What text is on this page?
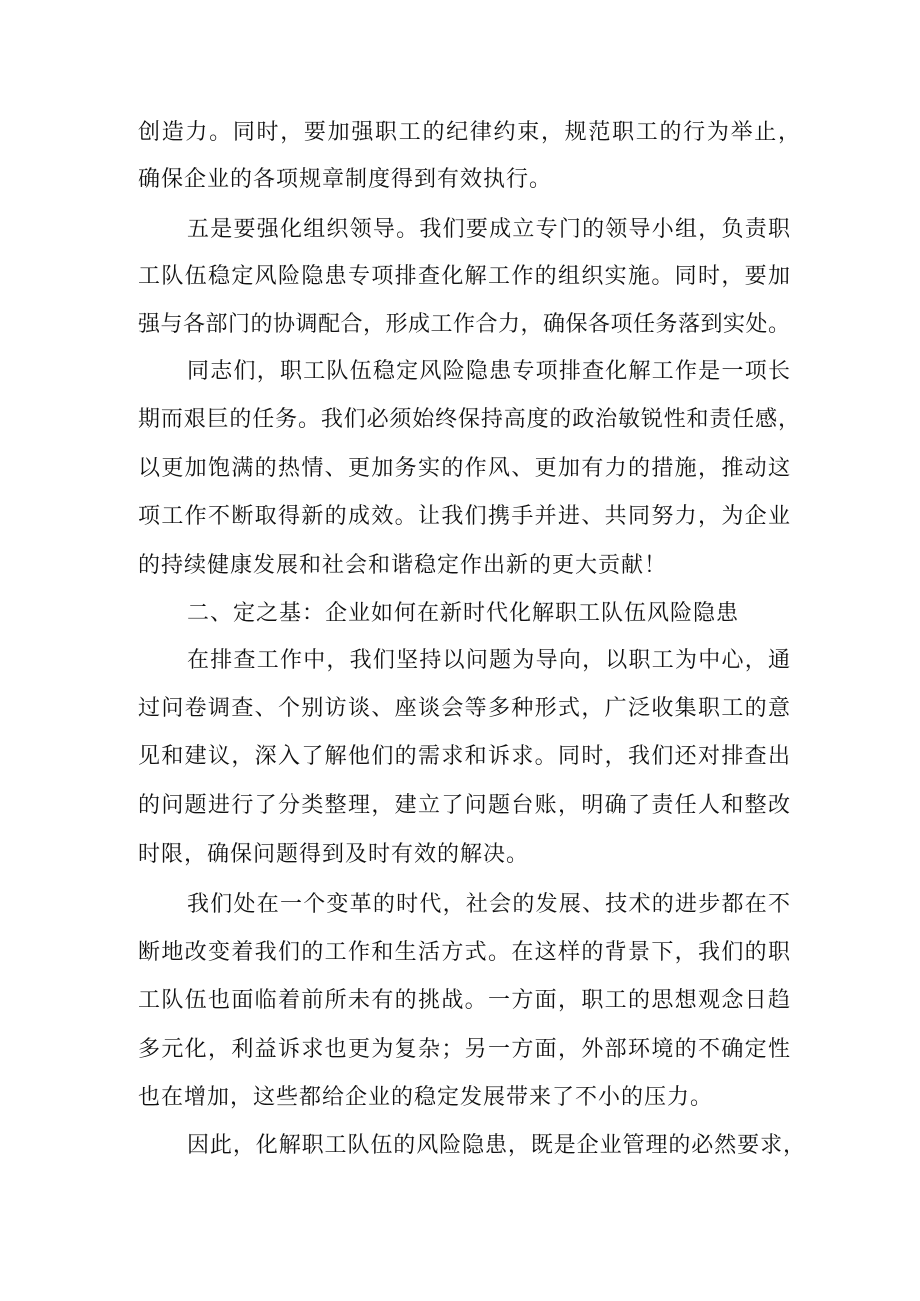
创造力。同时，要加强职工的纪律约束，规范职工的行为举止，
确保企业的各项规章制度得到有效执行。
五是要强化组织领导。我们要成立专门的领导小组，负责职
工队伍稳定风险隐患专项排查化解工作的组织实施。同时，要加
强与各部门的协调配合，形成工作合力，确保各项任务落到实处。
同志们，职工队伍稳定风险隐患专项排查化解工作是一项长
期而艰巨的任务。我们必须始终保持高度的政治敏锐性和责任感，
以更加饱满的热情、更加务实的作风、更加有力的措施，推动这
项工作不断取得新的成效。让我们携手并进、共同努力，为企业
的持续健康发展和社会和谐稳定作出新的更大贡献！
二、定之基：企业如何在新时代化解职工队伍风险隐患
在排查工作中，我们坚持以问题为导向，以职工为中心，通
过问卷调查、个别访谈、座谈会等多种形式，广泛收集职工的意
见和建议，深入了解他们的需求和诉求。同时，我们还对排查出
的问题进行了分类整理，建立了问题台账，明确了责任人和整改
时限，确保问题得到及时有效的解决。
我们处在一个变革的时代，社会的发展、技术的进步都在不
断地改变着我们的工作和生活方式。在这样的背景下，我们的职
工队伍也面临着前所未有的挑战。一方面，职工的思想观念日趋
多元化，利益诉求也更为复杂；另一方面，外部环境的不确定性
也在增加，这些都给企业的稳定发展带来了不小的压力。
因此，化解职工队伍的风险隐患，既是企业管理的必然要求，
